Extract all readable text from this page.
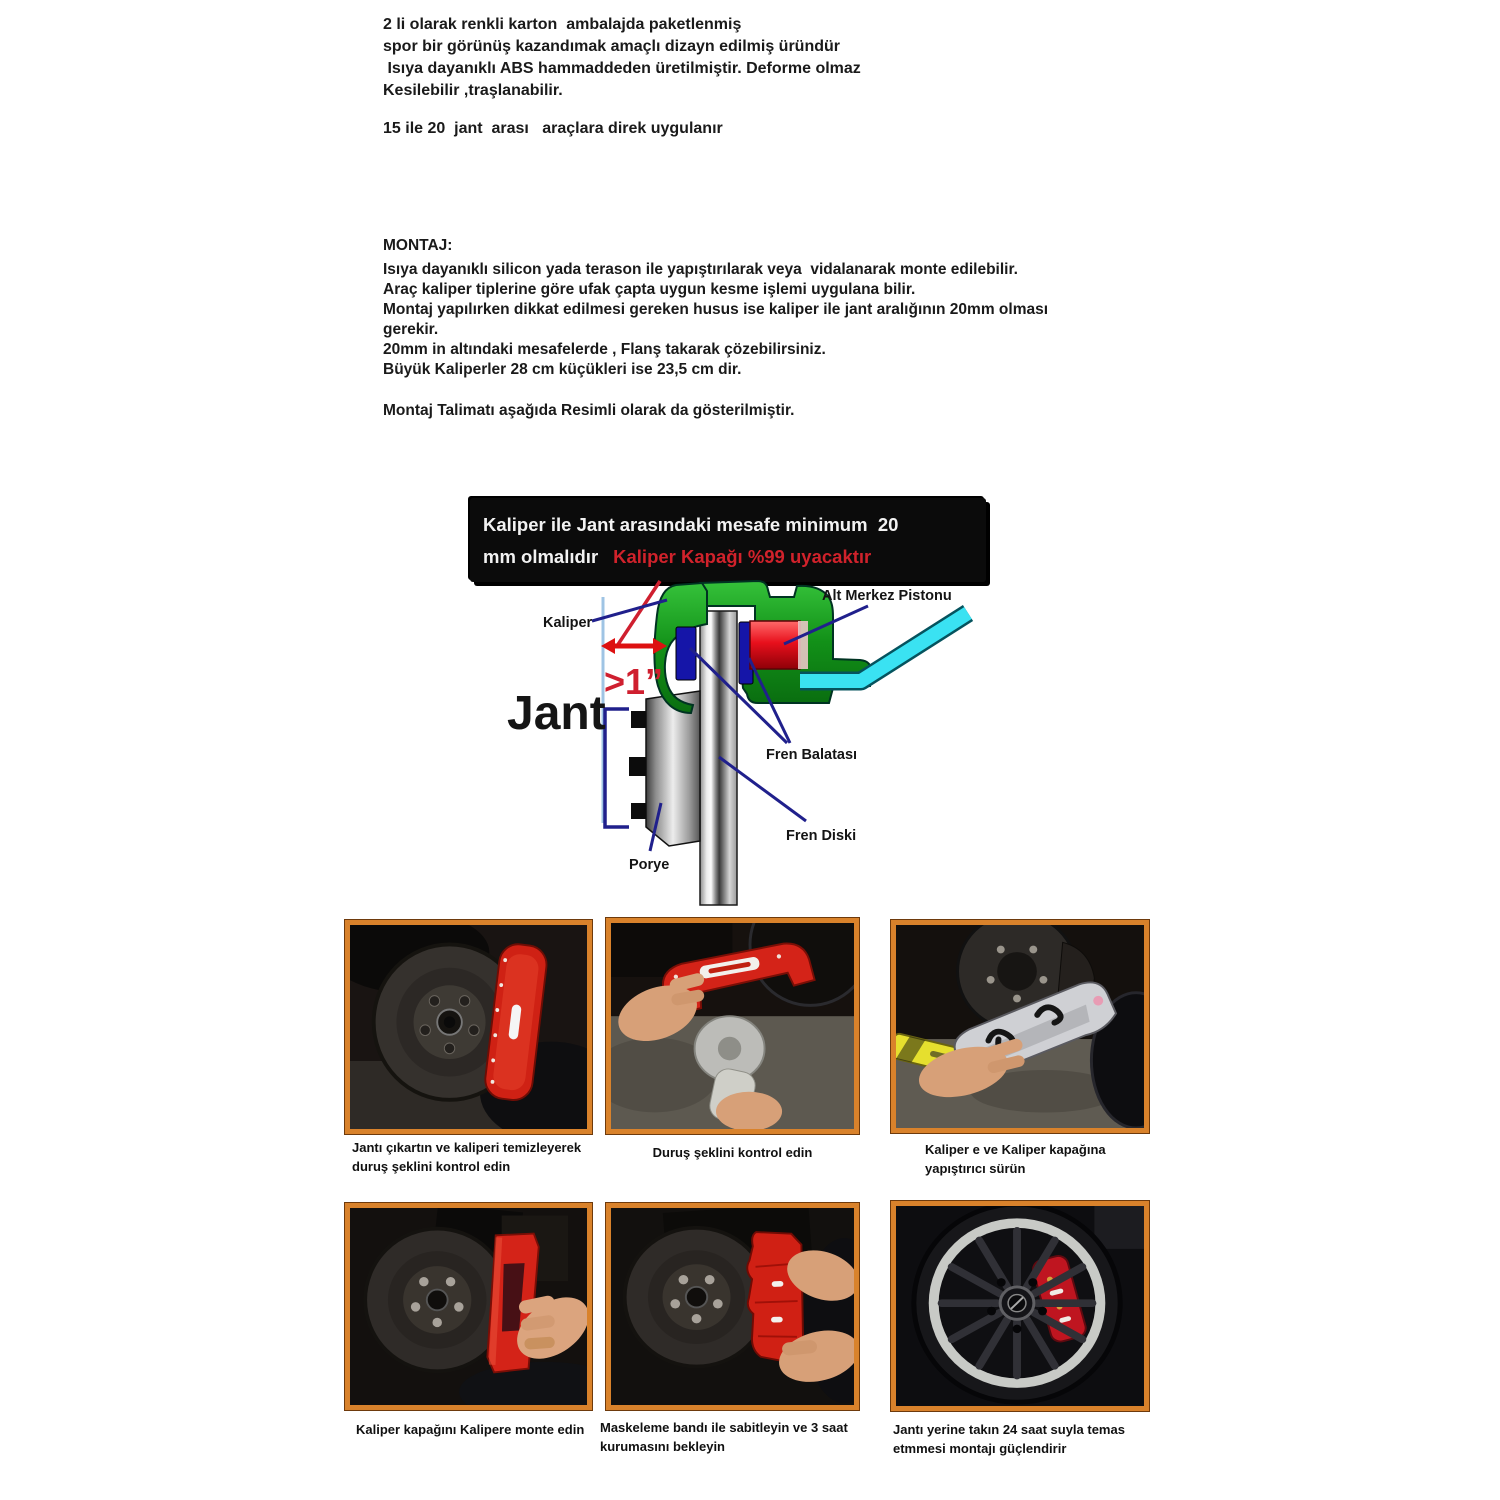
2 li olarak renkli karton  ambalajda paketlenmiş
spor bir görünüş kazandımak amaçlı dizayn edilmiş üründür
Isıya dayanıklı ABS hammaddeden üretilmiştir. Deforme olmaz
Kesilebilir ,traşlanabilir.
15 ile 20  jant  arası   araçlara direk uygulanır
MONTAJ:
Isıya dayanıklı silicon yada terason ile yapıştırılarak veya  vidalanarak monte edilebilir.
Araç kaliper tiplerine göre ufak çapta uygun kesme işlemi uygulana bilir.
Montaj yapılırken dikkat edilmesi gereken husus ise kaliper ile jant aralığının 20mm olması
gerekir.
20mm in altındaki mesafelerde , Flanş takarak çözebilirsiniz.
Büyük Kaliperler 28 cm küçükleri ise 23,5 cm dir.
Montaj Talimatı aşağıda Resimli olarak da gösterilmiştir.
Kaliper ile Jant arasındaki mesafe minimum  20
mm olmalıdır Kaliper Kapağı %99 uyacaktır
>1”
Kaliper
Alt Merkez Pistonu
Jant
Fren Balatası
Fren Diski
Porye
Jantı çıkartın ve kaliperi temizleyerek duruş şeklini kontrol edin
Duruş şeklini kontrol edin	Kaliper e ve Kaliper kapağına yapıştırıcı sürün
Kaliper kapağını Kalipere monte edin	Maskeleme bandı ile sabitleyin ve 3 saat kurumasını bekleyin
Jantı yerine takın 24 saat suyla temas etmmesi montajı güçlendirir
